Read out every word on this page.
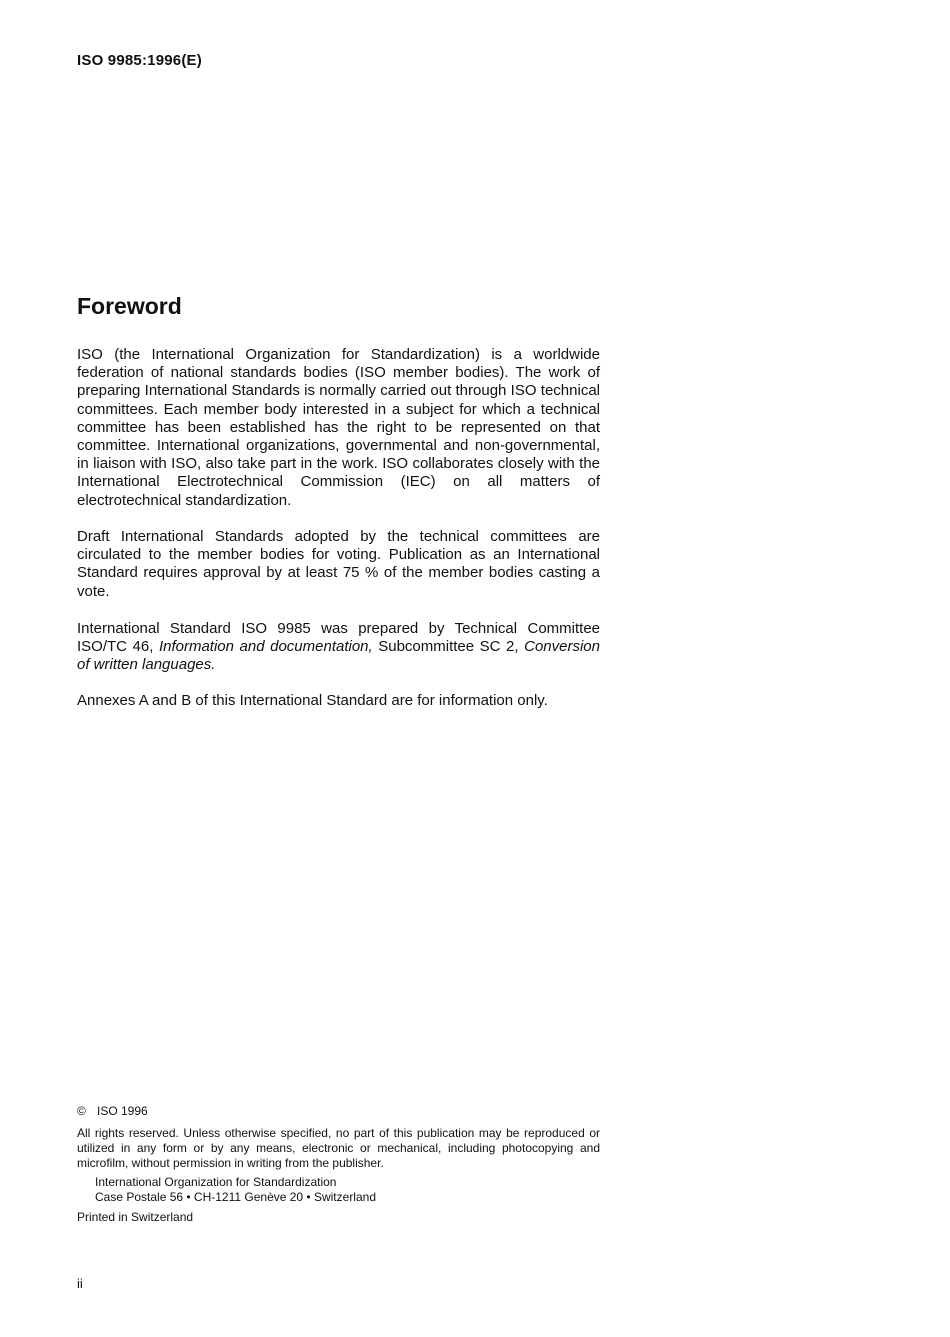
ISO 9985:1996(E)
Foreword

ISO (the International Organization for Standardization) is a worldwide federation of national standards bodies (ISO member bodies). The work of preparing International Standards is normally carried out through ISO technical committees. Each member body interested in a subject for which a technical committee has been established has the right to be represented on that committee. International organizations, governmental and non-governmental, in liaison with ISO, also take part in the work. ISO collaborates closely with the International Electrotechnical Commission (IEC) on all matters of electrotechnical standardization.

Draft International Standards adopted by the technical committees are circulated to the member bodies for voting. Publication as an International Standard requires approval by at least 75 % of the member bodies casting a vote.

International Standard ISO 9985 was prepared by Technical Committee ISO/TC 46, Information and documentation, Subcommittee SC 2, Conversion of written languages.

Annexes A and B of this International Standard are for information only.

© ISO 1996

All rights reserved. Unless otherwise specified, no part of this publication may be reproduced or utilized in any form or by any means, electronic or mechanical, including photocopying and microfilm, without permission in writing from the publisher.

International Organization for Standardization
Case Postale 56 • CH-1211 Genève 20 • Switzerland
Printed in Switzerland
ii
